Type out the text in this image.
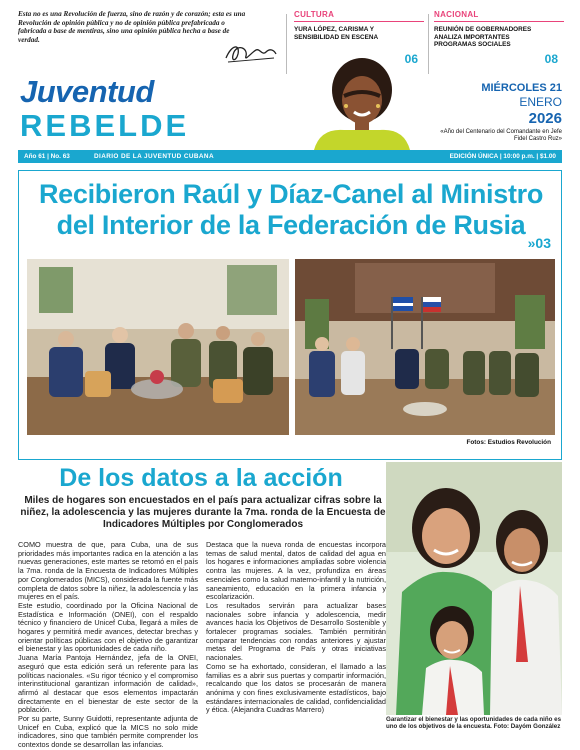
Esta no es una Revolución de fuerza, sino de razón y de corazón; esta es una Revolución de opinión pública y no de opinión pública prefabricada o fabricada a base de mentiras, sino una opinión pública hecha a base de verdad.
CULTURA
YURA LÓPEZ, CARISMA Y SENSIBILIDAD EN ESCENA
06
NACIONAL
REUNIÓN DE GOBERNADORES ANALIZA IMPORTANTES PROGRAMAS SOCIALES
08
Juventud
REBELDE
MIÉRCOLES 21
ENERO
2026
«Año del Centenario del Comandante en Jefe Fidel Castro Ruz»
Año 61 | No. 63	DIARIO DE LA JUVENTUD CUBANA	EDICIÓN ÚNICA | 10:00 p.m. | $1.00
Recibieron Raúl y Díaz-Canel al Ministro del Interior de la Federación de Rusia
»03
Fotos: Estudios Revolución
De los datos a la acción
Miles de hogares son encuestados en el país para actualizar cifras sobre la niñez, la adolescencia y las mujeres durante la 7ma. ronda de la Encuesta de Indicadores Múltiples por Conglomerados

COMO muestra de que, para Cuba, una de sus prioridades más importantes radica en la atención a las nuevas generaciones, este martes se retomó en el país la 7ma. ronda de la Encuesta de Indicadores Múltiples por Conglomerados (MICS), considerada la fuente más completa de datos sobre la niñez, la adolescencia y las mujeres en el país.

Este estudio, coordinado por la Oficina Nacional de Estadística e Información (ONEI), con el respaldo técnico y financiero de Unicef Cuba, llegará a miles de hogares y permitirá medir avances, detectar brechas y orientar políticas públicas con el objetivo de garantizar el bienestar y las oportunidades de cada niño.

Juana María Pantoja Hernández, jefa de la ONEI, aseguró que esta edición será un referente para las políticas nacionales. «Su rigor técnico y el compromiso interinstitucional garantizan información de calidad», afirmó al destacar que esos elementos impactarán directamente en el bienestar de este sector de la población.

Por su parte, Sunny Guidotti, representante adjunta de Unicef en Cuba, explicó que la MICS no solo mide indicadores, sino que también permite comprender los contextos donde se desarrollan las infancias.

Destaca que la nueva ronda de encuestas incorpora temas de salud mental, datos de calidad del agua en los hogares e informaciones ampliadas sobre violencia contra las mujeres. A la vez, profundiza en áreas esenciales como la salud materno-infantil y la nutrición, saneamiento, educación en la primera infancia y escolarización.

Los resultados servirán para actualizar bases nacionales sobre infancia y adolescencia, medir avances hacia los Objetivos de Desarrollo Sostenible y fortalecer programas sociales. También permitirán comparar tendencias con rondas anteriores y ajustar metas del Programa de País y otras iniciativas nacionales.

Como se ha exhortado, consideran, el llamado a las familias es a abrir sus puertas y compartir información, recalcando que los datos se procesarán de manera anónima y con fines exclusivamente estadísticos, bajo estándares internacionales de calidad, confidencialidad y ética. (Alejandra Cuadras Marrero)

Garantizar el bienestar y las oportunidades de cada niño es uno de los objetivos de la encuesta. Foto: Dayóm González
